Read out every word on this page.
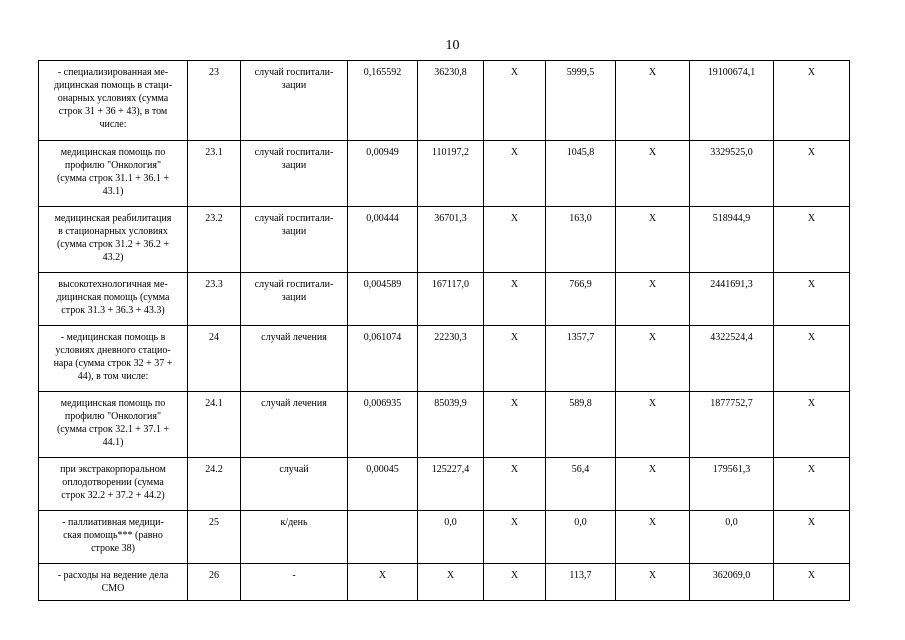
10
- специализированная ме-
дицинская помощь в стаци-
онарных условиях (сумма
строк 31 + 36 + 43), в том
числе:	23	случай госпитали-
зации	0,165592	36230,8	Х	5999,5	Х	19100674,1	Х
медицинская помощь по
профилю "Онкология"
(сумма строк 31.1 + 36.1 +
43.1)	23.1	случай госпитали-
зации	0,00949	110197,2	Х	1045,8	Х	3329525,0	Х
медицинская реабилитация
в стационарных условиях
(сумма строк 31.2 + 36.2 +
43.2)	23.2	случай госпитали-
зации	0,00444	36701,3	Х	163,0	Х	518944,9	Х
высокотехнологичная ме-
дицинская помощь (сумма
строк 31.3 + 36.3 + 43.3)	23.3	случай госпитали-
зации	0,004589	167117,0	Х	766,9	Х	2441691,3	Х
- медицинская помощь в
условиях дневного стацио-
нара (сумма строк 32 + 37 +
44), в том числе:	24	случай лечения	0,061074	22230,3	Х	1357,7	Х	4322524,4	Х
медицинская помощь по
профилю "Онкология"
(сумма строк 32.1 + 37.1 +
44.1)	24.1	случай лечения	0,006935	85039,9	Х	589,8	Х	1877752,7	Х
при экстракорпоральном
оплодотворении (сумма
строк 32.2 + 37.2 + 44.2)	24.2	случай	0,00045	125227,4	Х	56,4	Х	179561,3	Х
- паллиативная медици-
ская помощь*** (равно
строке 38)	25	к/день		0,0	Х	0,0	Х	0,0	Х
- расходы на ведение дела
СМО	26	-	Х	Х	Х	113,7	Х	362069,0	Х
